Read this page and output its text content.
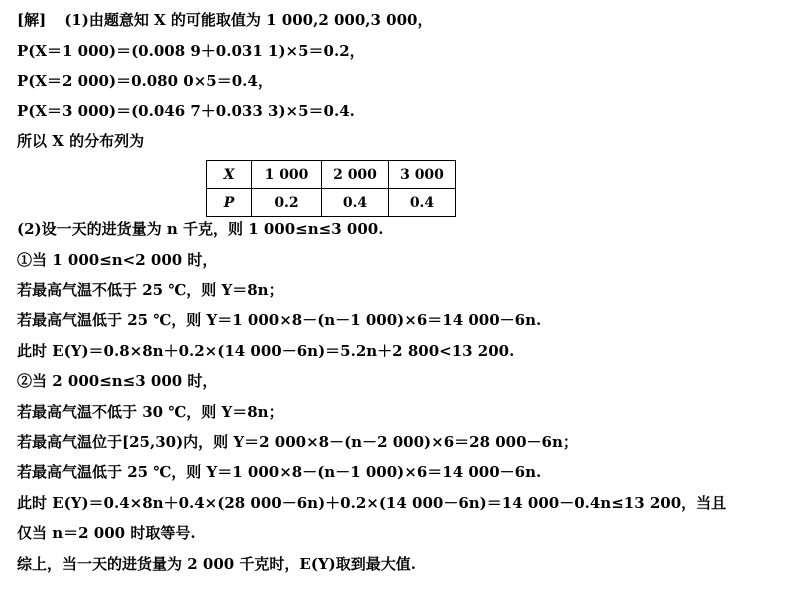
[解] (1)由题意知 X 的可能取值为 1 000,2 000,3 000，
P(X＝1 000)＝(0.008 9＋0.031 1)×5＝0.2，
P(X＝2 000)＝0.080 0×5＝0.4，
P(X＝3 000)＝(0.046 7＋0.033 3)×5＝0.4.
所以 X 的分布列为
X	1 000	2 000	3 000
P	0.2	0.4	0.4
(2)设一天的进货量为 n 千克，则 1 000≤n≤3 000.
①当 1 000≤n<2 000 时，
若最高气温不低于 25 ℃，则 Y＝8n；
若最高气温低于 25 ℃，则 Y＝1 000×8－(n－1 000)×6＝14 000－6n.
此时 E(Y)＝0.8×8n＋0.2×(14 000－6n)＝5.2n＋2 800<13 200.
②当 2 000≤n≤3 000 时，
若最高气温不低于 30 ℃，则 Y＝8n；
若最高气温位于[25,30)内，则 Y＝2 000×8－(n－2 000)×6＝28 000－6n；
若最高气温低于 25 ℃，则 Y＝1 000×8－(n－1 000)×6＝14 000－6n.
此时 E(Y)＝0.4×8n＋0.4×(28 000－6n)＋0.2×(14 000－6n)＝14 000－0.4n≤13 200，当且
仅当 n＝2 000 时取等号.
综上，当一天的进货量为 2 000 千克时，E(Y)取到最大值.
